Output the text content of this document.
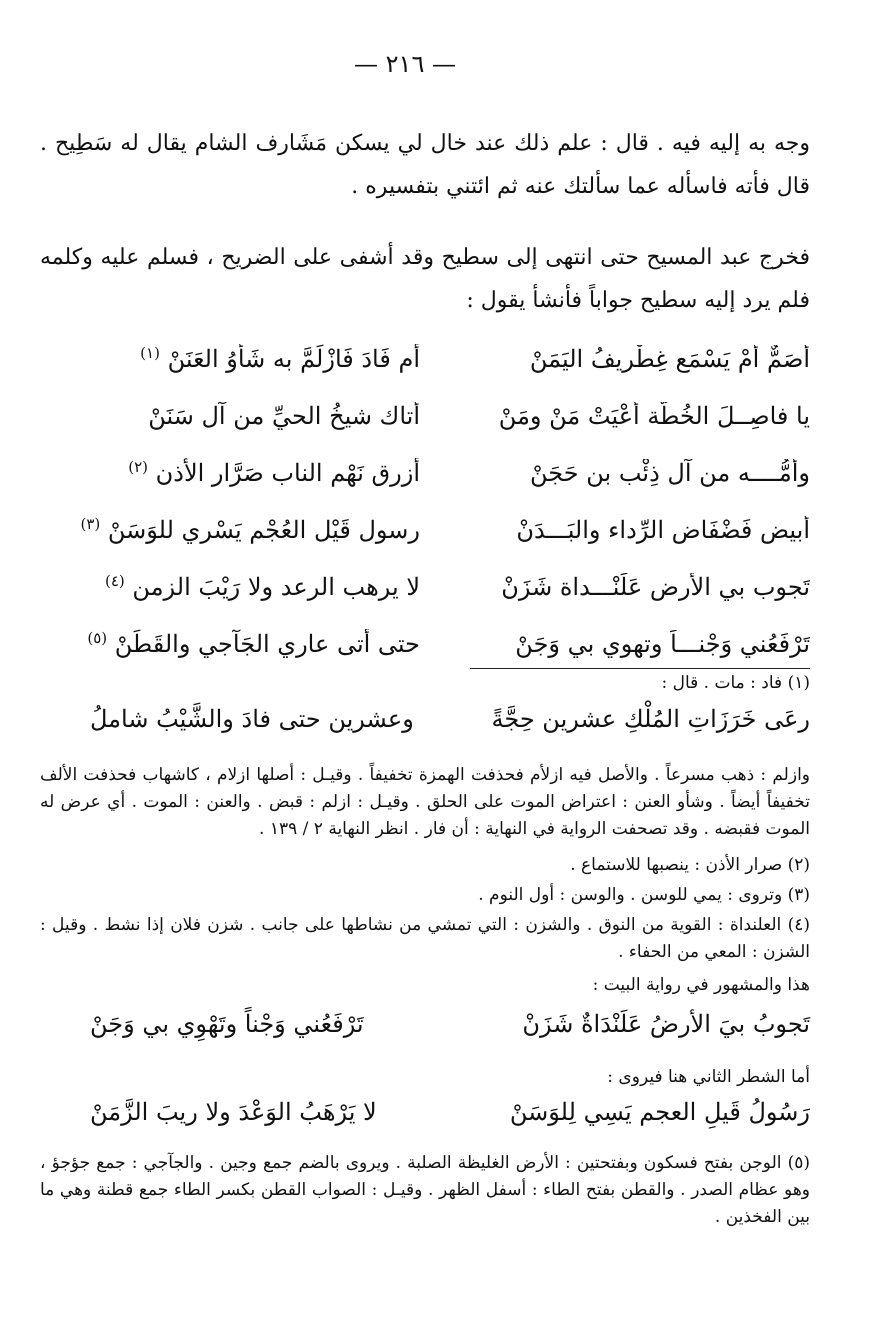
— ٢١٦ —
وجه به إليه فيه . قال : علم ذلك عند خال لي يسكن مَشَارف الشام يقال له سَطِيح . قال فأته فاسأله عما سألتك عنه ثم ائتني بتفسيره .
فخرج عبد المسيح حتى انتهى إلى سطيح وقد أشفى على الضريح ، فسلم عليه وكلمه فلم يرد إليه سطيح جواباً فأنشأ يقول :
أَصَمٌّ أَمْ يَسْمَع غِطْرِيفُ اليَمَنْ
أم فَادَ فَازْلَمَّ به شَأْوُ العَنَنْ $^{(١)}$
يا فاصِــلَ الخُطَّة أَعْيَتْ مَنْ ومَنْ
أتاك شيخُ الحيِّ من آل سَنَنْ
وأُمُّــــه من آل ذِئْب بن حَجَنْ
أزرق نَهْم الناب صَرَّار الأذن $^{(٢)}$
أَبيض فَضْفَاض الرِّداء والبَـــدَنْ
رسول قَيْلِ العُجْم يَسْرِي للوَسَنْ $^{(٣)}$
تَجوب بي الأرض عَلَنْـــداة شَزَنْ
لا يرهب الرعد ولا رَيْبَ الزمن $^{(٤)}$
تَرْفَعُني وَجْنـــاً وتهوي بي وَجَنْ
حتى أتى عاري الجَآجي والقَطَنْ $^{(٥)}$
(١) فاد : مات . قال :
رعَى خَرَزَاتِ المُلْكِ عشرين حِجَّةً
وعشرين حتى فادَ والشَّيْبُ شاملُ
وازلم : ذهب مسرعاً . والأصل فيه ازلأم فحذفت الهمزة تخفيفاً . وقيـل : أصلها ازلام ، كاشهاب فحذفت الألف تخفيفاً أيضاً . وشأو العنن : اعتراض الموت على الحلق . وقيـل : ازلم : قبض . والعنن : الموت . أي عرض له الموت فقبضه . وقد تصحفت الرواية في النهاية : أن فار . انظر النهاية ٢ / ١٣٩ .
(٢) صرار الأذن : ينصبها للاستماع .
(٣) وتروى : يمي للوسن . والوسن : أول النوم .
(٤) العلنداة : القوية من النوق . والشزن : التي تمشي من نشاطها على جانب . شزن فلان إذا نشط . وقيل : الشزن : المعي من الحفاء .
هذا والمشهور في رواية البيت :
تَجوبُ بيَ الأرضُ عَلَنْدَاةٌ شَزَنْ
تَرْفَعُني وَجْناً وتَهْوِي بي وَجَنْ
أما الشطر الثاني هنا فيروى :
رَسُولُ قَيلِ العجم يَسِي لِلوَسَنْ
لا يَرْهَبُ الوَعْدَ ولا ريبَ الزَّمَنْ
(٥) الوجن بفتح فسكون وبفتحتين : الأرض الغليظة الصلبة . ويروى بالضم جمع وجين . والجآجي : جمع جؤجؤ ، وهو عظام الصدر . والقطن بفتح الطاء : أسفل الظهر . وقيـل : الصواب القطن بكسر الطاء جمع قطنة وهي ما بين الفخذين .
